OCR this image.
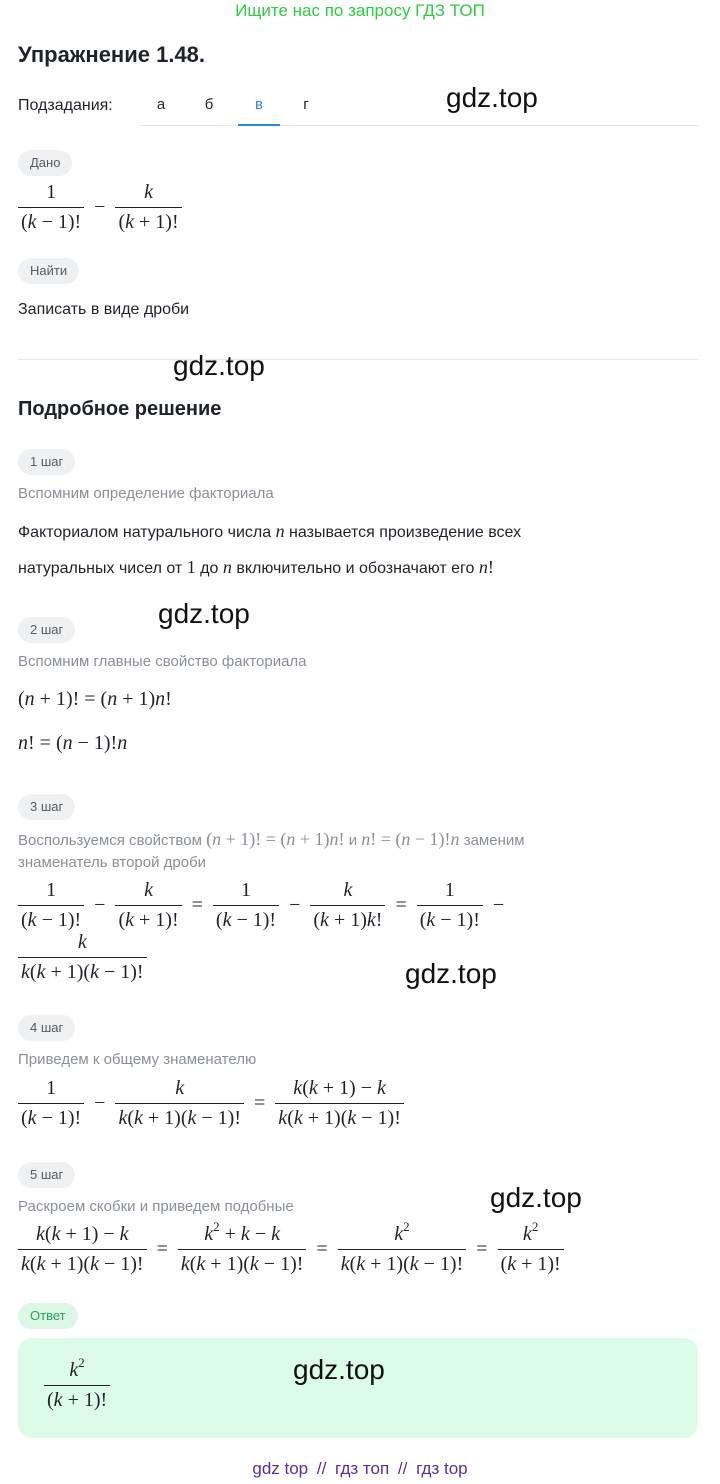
Ищите нас по запросу ГДЗ ТОП
Упражнение 1.48.
Подзадания:	а	б	в	г	gdz.top
Дано
$\frac{1}{(k - 1)!} - \frac{k}{(k + 1)!}$
Найти
Записать в виде дроби
gdz.top
Подробное решение
1 шаг
Вспомним определение факториала
Факториалом натурального числа n называется произведение всех
натуральных чисел от 1 до n включительно и обозначают его n!
gdz.top
2 шаг
Вспомним главные свойство факториала
(n + 1)! = (n + 1)n!
n! = (n − 1)!n
3 шаг
Воспользуемся свойством (n + 1)! = (n + 1)n! и n! = (n − 1)!n заменим
знаменатель второй дроби
$\frac{1}{(k - 1)!} - \frac{k}{(k + 1)!} = \frac{1}{(k - 1)!} - \frac{k}{(k + 1)k!} = \frac{1}{(k - 1)!}$ −
$\frac{k}{k(k + 1)(k - 1)!}$	gdz.top
4 шаг
Приведем к общему знаменателю
$\frac{1}{(k - 1)!} - \frac{k}{k(k + 1)(k - 1)!} = \frac{k(k + 1) - k}{k(k + 1)(k - 1)!}$
5 шаг
Раскроем скобки и приведем подобные	gdz.top
$\frac{k(k + 1) - k}{k(k + 1)(k - 1)!} = \frac{k^2 + k - k}{k(k + 1)(k - 1)!} = \frac{k^2}{k(k + 1)(k - 1)!} = \frac{k^2}{(k + 1)!}$
Ответ
$\frac{k^2}{(k + 1)!}$	gdz.top
gdz top // гдз топ // гдз top
